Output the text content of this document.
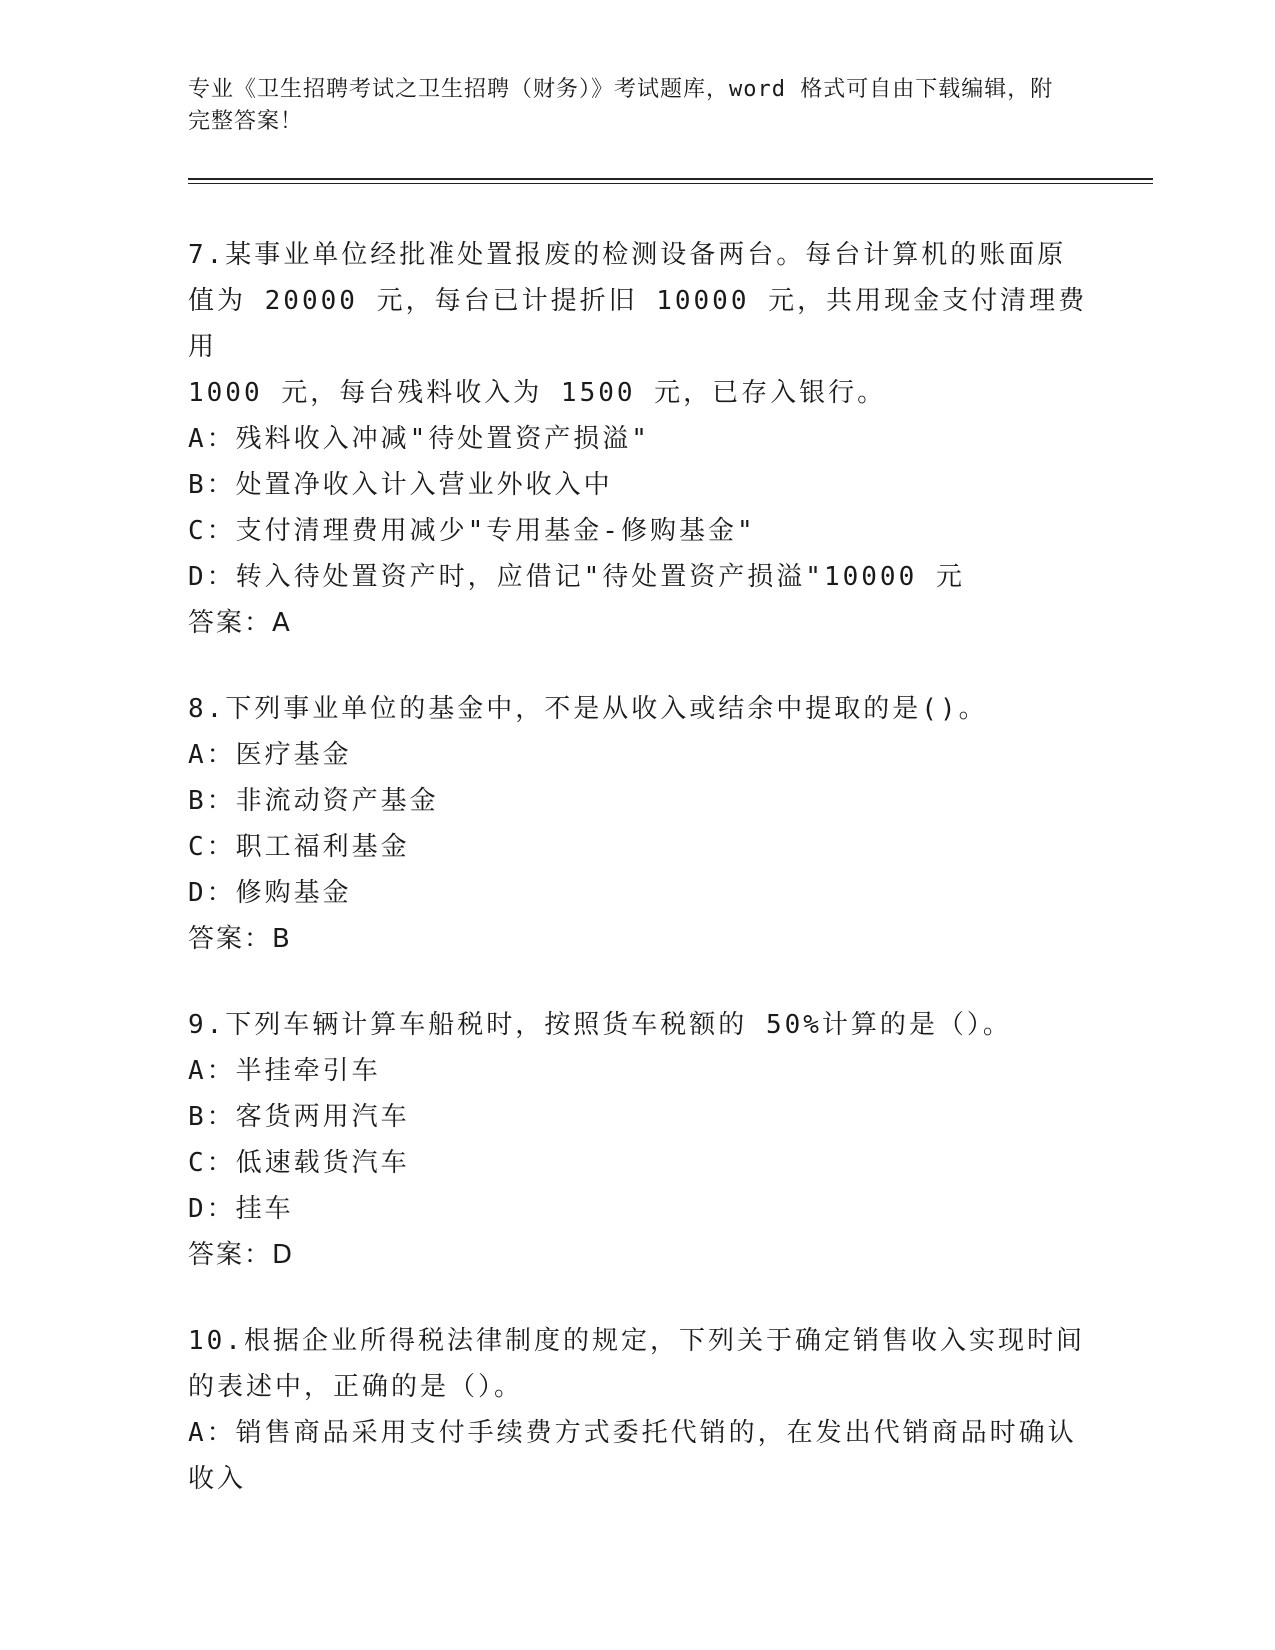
专业《卫生招聘考试之卫生招聘（财务）》考试题库，word 格式可自由下载编辑，附完整答案！
7.某事业单位经批准处置报废的检测设备两台。每台计算机的账面原
值为 20000 元，每台已计提折旧 10000 元，共用现金支付清理费用
1000 元，每台残料收入为 1500 元，已存入银行。
A：残料收入冲减"待处置资产损溢"
B：处置净收入计入营业外收入中
C：支付清理费用减少"专用基金-修购基金"
D：转入待处置资产时，应借记"待处置资产损溢"10000 元
答案：A
8.下列事业单位的基金中，不是从收入或结余中提取的是()。
A：医疗基金
B：非流动资产基金
C：职工福利基金
D：修购基金
答案：B
9.下列车辆计算车船税时，按照货车税额的 50%计算的是（）。
A：半挂牵引车
B：客货两用汽车
C：低速载货汽车
D：挂车
答案：D
10.根据企业所得税法律制度的规定，下列关于确定销售收入实现时间
的表述中，正确的是（）。
A：销售商品采用支付手续费方式委托代销的，在发出代销商品时确认
收入
